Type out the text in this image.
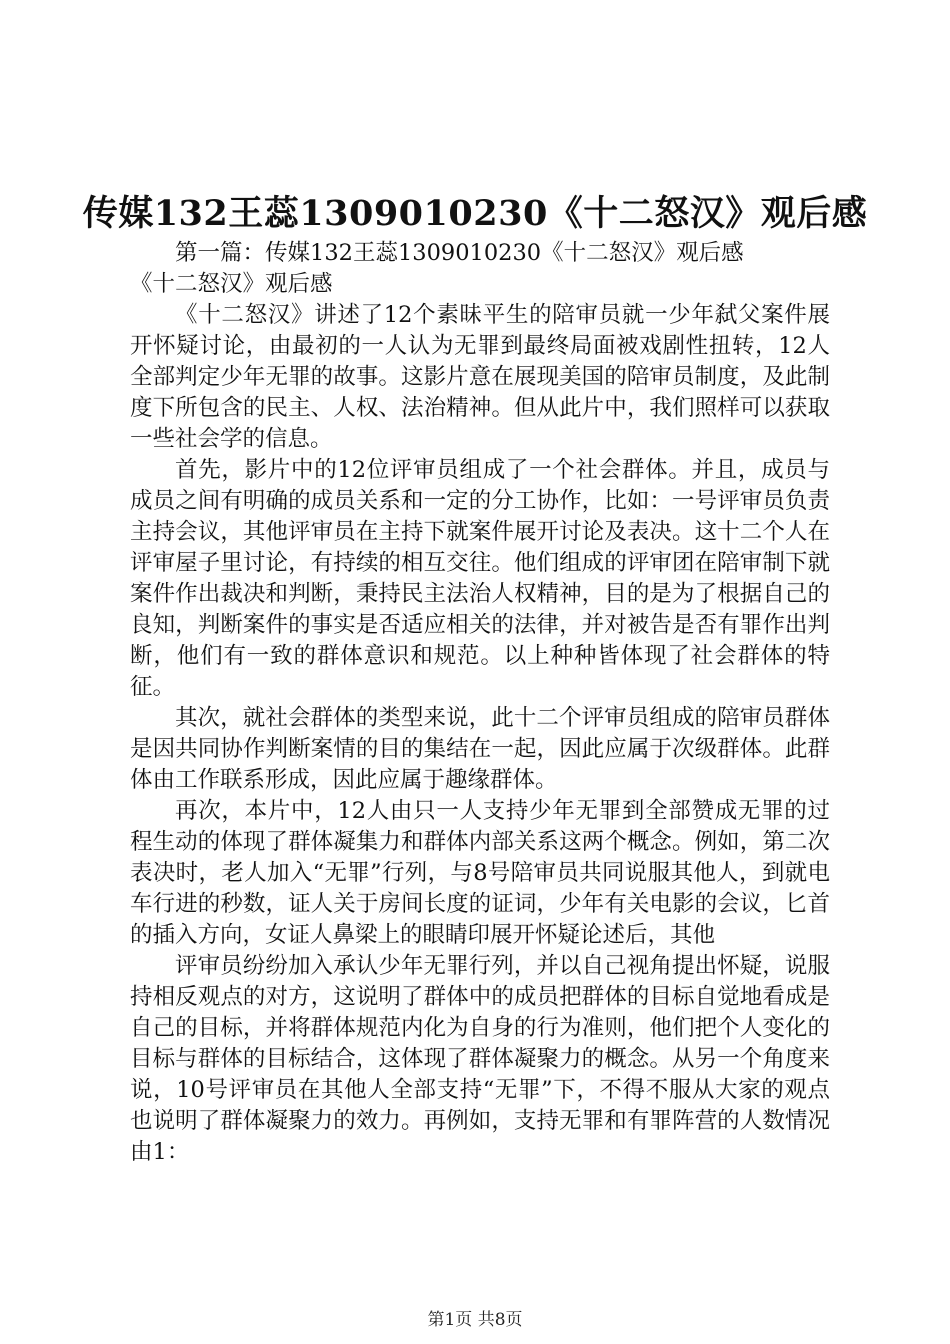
传媒132王蕊1309010230《十二怒汉》观后感

第一篇：传媒132王蕊1309010230《十二怒汉》观后感

《十二怒汉》观后感

《十二怒汉》讲述了12个素昧平生的陪审员就一少年弑父案件展开怀疑讨论，由最初的一人认为无罪到最终局面被戏剧性扭转，12人全部判定少年无罪的故事。这影片意在展现美国的陪审员制度，及此制度下所包含的民主、人权、法治精神。但从此片中，我们照样可以获取一些社会学的信息。

首先，影片中的12位评审员组成了一个社会群体。并且，成员与成员之间有明确的成员关系和一定的分工协作，比如：一号评审员负责主持会议，其他评审员在主持下就案件展开讨论及表决。这十二个人在评审屋子里讨论，有持续的相互交往。他们组成的评审团在陪审制下就案件作出裁决和判断，秉持民主法治人权精神，目的是为了根据自己的良知，判断案件的事实是否适应相关的法律，并对被告是否有罪作出判断，他们有一致的群体意识和规范。以上种种皆体现了社会群体的特征。

其次，就社会群体的类型来说，此十二个评审员组成的陪审员群体是因共同协作判断案情的目的集结在一起，因此应属于次级群体。此群体由工作联系形成，因此应属于趣缘群体。

再次，本片中，12人由只一人支持少年无罪到全部赞成无罪的过程生动的体现了群体凝集力和群体内部关系这两个概念。例如，第二次表决时，老人加入“无罪”行列，与8号陪审员共同说服其他人，到就电车行进的秒数，证人关于房间长度的证词，少年有关电影的会议，匕首的插入方向，女证人鼻梁上的眼睛印展开怀疑论述后，其他

评审员纷纷加入承认少年无罪行列，并以自己视角提出怀疑，说服持相反观点的对方，这说明了群体中的成员把群体的目标自觉地看成是自己的目标，并将群体规范内化为自身的行为准则，他们把个人变化的目标与群体的目标结合，这体现了群体凝聚力的概念。从另一个角度来说，10号评审员在其他人全部支持“无罪”下，不得不服从大家的观点也说明了群体凝聚力的效力。再例如，支持无罪和有罪阵营的人数情况由1：

第1页 共8页
